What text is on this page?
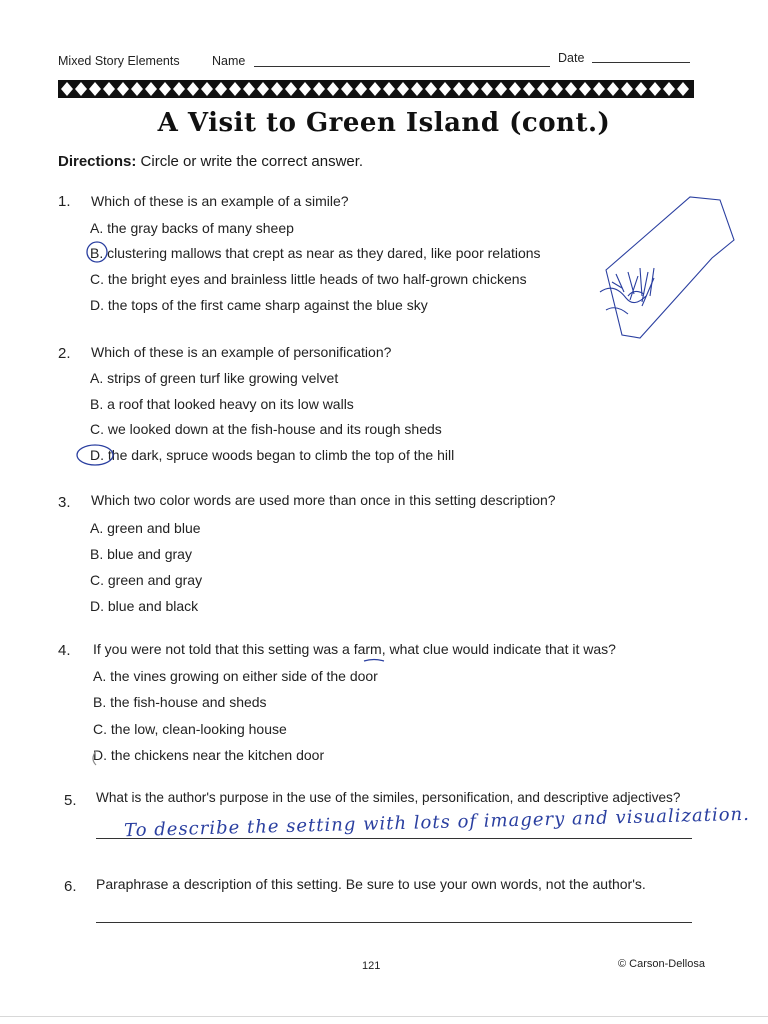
Mixed Story Elements	Name	Date
A Visit to Green Island (cont.)
Directions: Circle or write the correct answer.
1. Which of these is an example of a simile?
A. the gray backs of many sheep
B. clustering mallows that crept as near as they dared, like poor relations
C. the bright eyes and brainless little heads of two half-grown chickens
D. the tops of the first came sharp against the blue sky
2. Which of these is an example of personification?
A. strips of green turf like growing velvet
B. a roof that looked heavy on its low walls
C. we looked down at the fish-house and its rough sheds
D. the dark, spruce woods began to climb the top of the hill
3. Which two color words are used more than once in this setting description?
A. green and blue
B. blue and gray
C. green and gray
D. blue and black
4. If you were not told that this setting was a farm, what clue would indicate that it was?
A. the vines growing on either side of the door
B. the fish-house and sheds
C. the low, clean-looking house
D. the chickens near the kitchen door
5. What is the author's purpose in the use of the similes, personification, and descriptive adjectives?
To describe the setting with lots of imagery and visualization.
6. Paraphrase a description of this setting. Be sure to use your own words, not the author's.
121	© Carson-Dellosa
